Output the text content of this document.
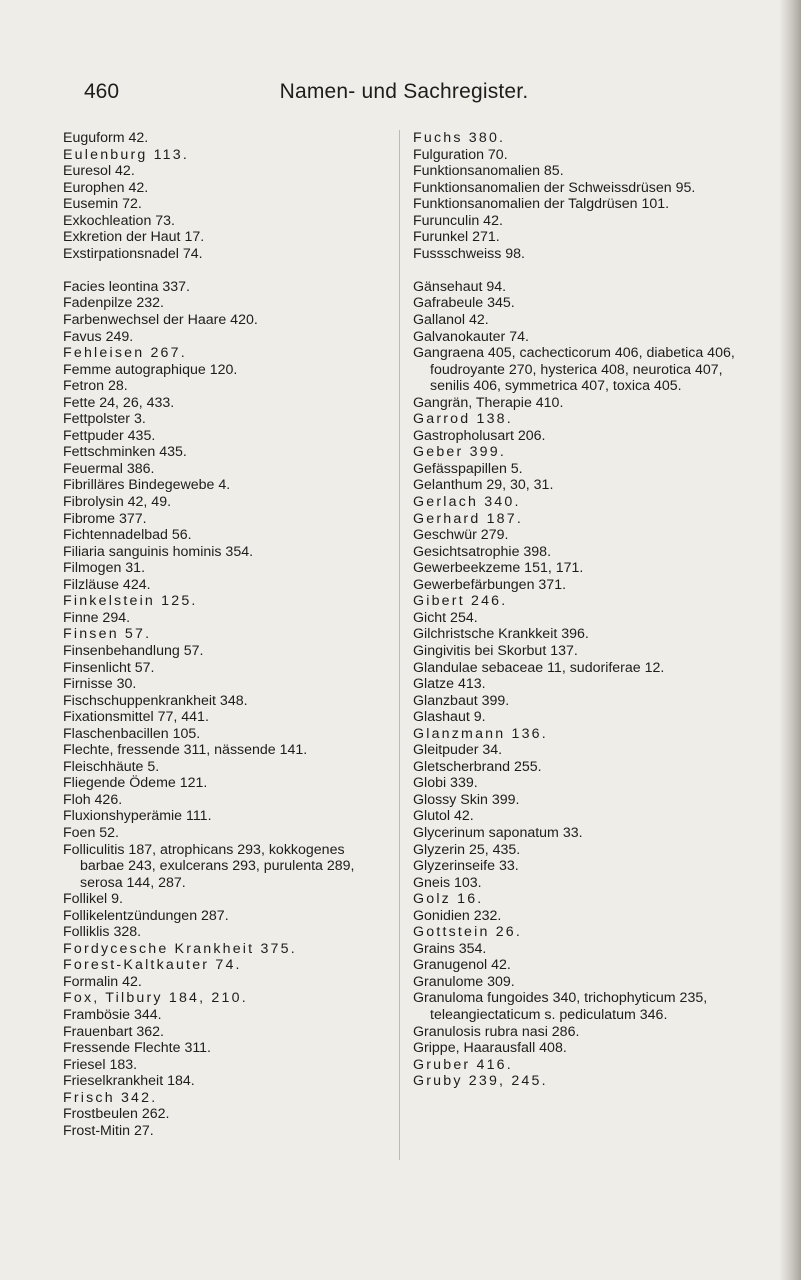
460	Namen- und Sachregister.

Euguform 42.

Eulenburg 113.

Euresol 42.

Europhen 42.

Eusemin 72.

Exkochleation 73.

Exkretion der Haut 17.

Exstirpationsnadel 74.

Facies leontina 337.

Fadenpilze 232.

Farbenwechsel der Haare 420.

Favus 249.

Fehleisen 267.

Femme autographique 120.

Fetron 28.

Fette 24, 26, 433.

Fettpolster 3.

Fettpuder 435.

Fettschminken 435.

Feuermal 386.

Fibrilläres Bindegewebe 4.

Fibrolysin 42, 49.

Fibrome 377.

Fichtennadelbad 56.

Filiaria sanguinis hominis 354.

Filmogen 31.

Filzläuse 424.

Finkelstein 125.

Finne 294.

Finsen 57.

Finsenbehandlung 57.

Finsenlicht 57.

Firnisse 30.

Fischschuppenkrankheit 348.

Fixationsmittel 77, 441.

Flaschenbacillen 105.

Flechte, fressende 311, nässende 141.

Fleischhäute 5.

Fliegende Ödeme 121.

Floh 426.

Fluxionshyperämie 111.

Foen 52.

Folliculitis 187, atrophicans 293, kokkogenes barbae 243, exulcerans 293, purulenta 289, serosa 144, 287.

Follikel 9.

Follikelentzündungen 287.

Folliklis 328.

Fordycesche Krankheit 375.

Forest-Kaltkauter 74.

Formalin 42.

Fox, Tilbury 184, 210.

Frambösie 344.

Frauenbart 362.

Fressende Flechte 311.

Friesel 183.

Frieselkrankheit 184.

Frisch 342.

Frostbeulen 262.

Frost-Mitin 27.

Fuchs 380.

Fulguration 70.

Funktionsanomalien 85.

Funktionsanomalien der Schweissdrüsen 95.

Funktionsanomalien der Talgdrüsen 101.

Furunculin 42.

Furunkel 271.

Fussschweiss 98.

Gänsehaut 94.

Gafrabeule 345.

Gallanol 42.

Galvanokauter 74.

Gangraena 405, cachecticorum 406, diabetica 406, foudroyante 270, hysterica 408, neurotica 407, senilis 406, symmetrica 407, toxica 405.

Gangrän, Therapie 410.

Garrod 138.

Gastropholusart 206.

Geber 399.

Gefässpapillen 5.

Gelanthum 29, 30, 31.

Gerlach 340.

Gerhard 187.

Geschwür 279.

Gesichtsatrophie 398.

Gewerbeekzeme 151, 171.

Gewerbefärbungen 371.

Gibert 246.

Gicht 254.

Gilchristsche Krankkeit 396.

Gingivitis bei Skorbut 137.

Glandulae sebaceae 11, sudoriferae 12.

Glatze 413.

Glanzbaut 399.

Glashaut 9.

Glanzmann 136.

Gleitpuder 34.

Gletscherbrand 255.

Globi 339.

Glossy Skin 399.

Glutol 42.

Glycerinum saponatum 33.

Glyzerin 25, 435.

Glyzerinseife 33.

Gneis 103.

Golz 16.

Gonidien 232.

Gottstein 26.

Grains 354.

Granugenol 42.

Granulome 309.

Granuloma fungoides 340, trichophyticum 235, teleangiectaticum s. pediculatum 346.

Granulosis rubra nasi 286.

Grippe, Haarausfall 408.

Gruber 416.

Gruby 239, 245.
